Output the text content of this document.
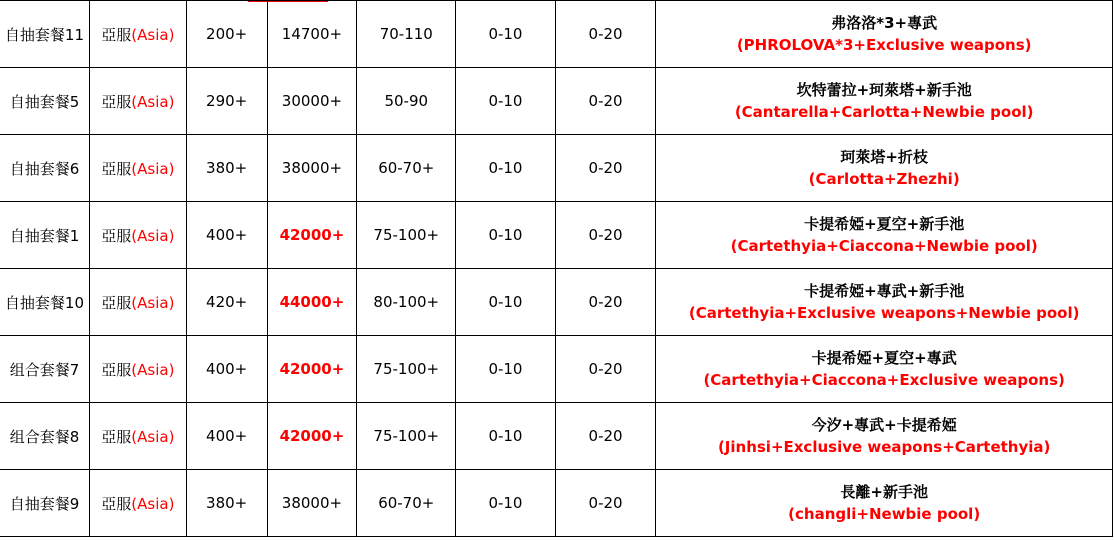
自抽套餐11	亞服(Asia)	200+	14700+	70-110	0-10	0-20	弗洛洛*3+專武
(PHROLOVA*3+Exclusive weapons)

自抽套餐5	亞服(Asia)	290+	30000+	50-90	0-10	0-20	坎特蕾拉+珂萊塔+新手池
(Cantarella+Carlotta+Newbie pool)

自抽套餐6	亞服(Asia)	380+	38000+	60-70+	0-10	0-20	珂萊塔+折枝
(Carlotta+Zhezhi)

自抽套餐1	亞服(Asia)	400+	42000+	75-100+	0-10	0-20	卡提希婭+夏空+新手池
(Cartethyia+Ciaccona+Newbie pool)

自抽套餐10	亞服(Asia)	420+	44000+	80-100+	0-10	0-20	卡提希婭+專武+新手池
(Cartethyia+Exclusive weapons+Newbie pool)

组合套餐7	亞服(Asia)	400+	42000+	75-100+	0-10	0-20	卡提希婭+夏空+專武
(Cartethyia+Ciaccona+Exclusive weapons)

组合套餐8	亞服(Asia)	400+	42000+	75-100+	0-10	0-20	今汐+專武+卡提希婭
(Jinhsi+Exclusive weapons+Cartethyia)

自抽套餐9	亞服(Asia)	380+	38000+	60-70+	0-10	0-20	長離+新手池
(changli+Newbie pool)
